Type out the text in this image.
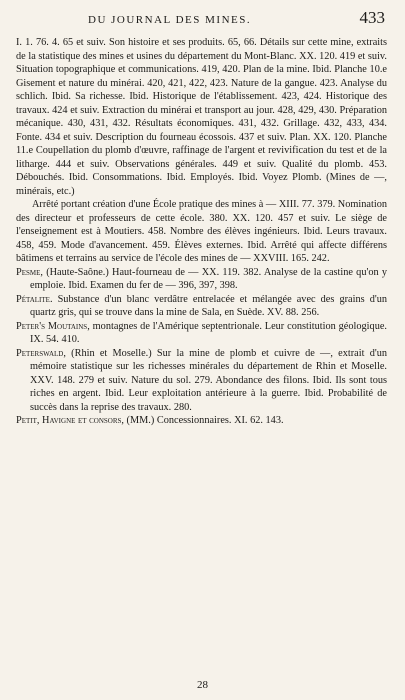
DU JOURNAL DES MINES.	433

I. 1. 76. 4. 65 et suiv. Son histoire et ses produits. 65, 66. Détails sur cette mine, extraits de la statistique des mines et usines du département du Mont-Blanc. XX. 120. 419 et suiv. Situation topographique et communications. 419, 420. Plan de la mine. Ibid. Planche 10.e Gisement et nature du minérai. 420, 421, 422, 423. Nature de la gangue. 423. Analyse du schlich. Ibid. Sa richesse. Ibid. Historique de l'établissement. 423, 424. Historique des travaux. 424 et suiv. Extraction du minérai et transport au jour. 428, 429, 430. Préparation mécanique. 430, 431, 432. Résultats économiques. 431, 432. Grillage. 432, 433, 434. Fonte. 434 et suiv. Description du fourneau écossois. 437 et suiv. Plan. XX. 120. Planche 11.e Coupellation du plomb d'œuvre, raffinage de l'argent et revivification du test et de la litharge. 444 et suiv. Observations générales. 449 et suiv. Qualité du plomb. 453. Débouchés. Ibid. Consommations. Ibid. Employés. Ibid. Voyez Plomb. (Mines de —, minérais, etc.)

Arrêté portant création d'une École pratique des mines à — XIII. 77. 379. Nomination des directeur et professeurs de cette école. 380. XX. 120. 457 et suiv. Le siège de l'enseignement est à Moutiers. 458. Nombre des élèves ingénieurs. Ibid. Leurs travaux. 458, 459. Mode d'avancement. 459. Élèves externes. Ibid. Arrêté qui affecte différens bâtimens et terrains au service de l'école des mines de — XXVIII. 165. 242.

Pesme, (Haute-Saône.) Haut-fourneau de — XX. 119. 382. Analyse de la castine qu'on y emploie. Ibid. Examen du fer de — 396, 397, 398.

Pétalite. Substance d'un blanc verdâtre entrelacée et mélangée avec des grains d'un quartz gris, qui se trouve dans la mine de Sala, en Suède. XV. 88. 256.

Peter's Moutains, montagnes de l'Amérique septentrionale. Leur constitution géologique. IX. 54. 410.

Peterswald, (Rhin et Moselle.) Sur la mine de plomb et cuivre de —, extrait d'un mémoire statistique sur les richesses minérales du département de Rhin et Moselle. XXV. 148. 279 et suiv. Nature du sol. 279. Abondance des filons. Ibid. Ils sont tous riches en argent. Ibid. Leur exploitation antérieure à la guerre. Ibid. Probabilité de succès dans la reprise des travaux. 280.

Petit, Havigne et consors, (MM.) Concessionnaires. XI. 62. 143.

28
